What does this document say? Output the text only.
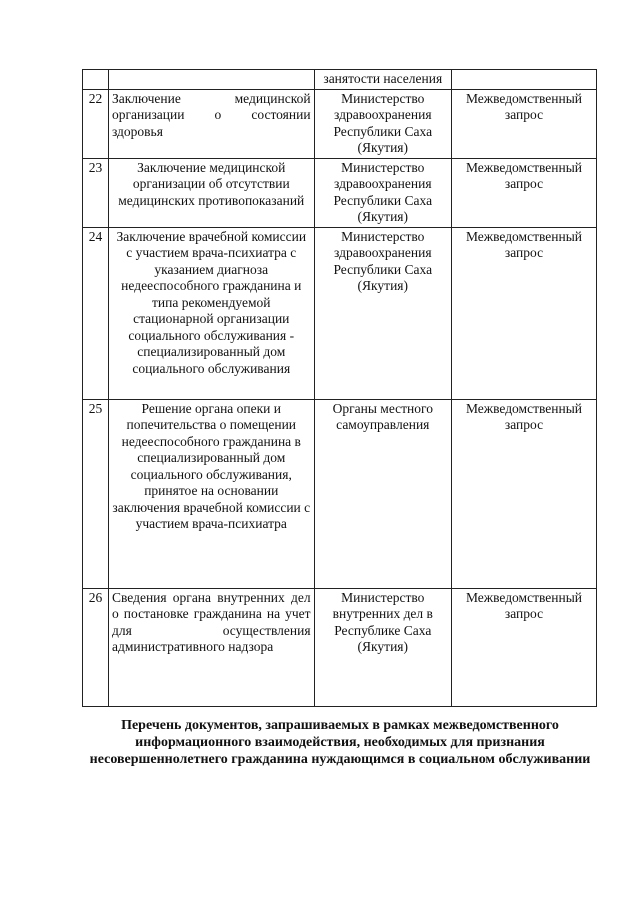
		занятости населения	
22	Заключение медицинской организации о состоянии здоровья	Министерство здравоохранения Республики Саха (Якутия)	Межведомственный запрос
23	Заключение медицинской организации об отсутствии медицинских противопоказаний	Министерство здравоохранения Республики Саха (Якутия)	Межведомственный запрос
24	Заключение врачебной комиссии с участием врача-психиатра с указанием диагноза недееспособного гражданина и типа рекомендуемой стационарной организации социального обслуживания - специализированный дом социального обслуживания	Министерство здравоохранения Республики Саха (Якутия)	Межведомственный запрос
25	Решение органа опеки и попечительства о помещении недееспособного гражданина в специализированный дом социального обслуживания, принятое на основании заключения врачебной комиссии с участием врача-психиатра	Органы местного самоуправления	Межведомственный запрос
26	Сведения органа внутренних дел о постановке гражданина на учет для осуществления административного надзора	Министерство внутренних дел в Республике Саха (Якутия)	Межведомственный запрос
Перечень документов, запрашиваемых в рамках межведомственного информационного взаимодействия, необходимых для признания несовершеннолетнего гражданина нуждающимся в социальном обслуживании
